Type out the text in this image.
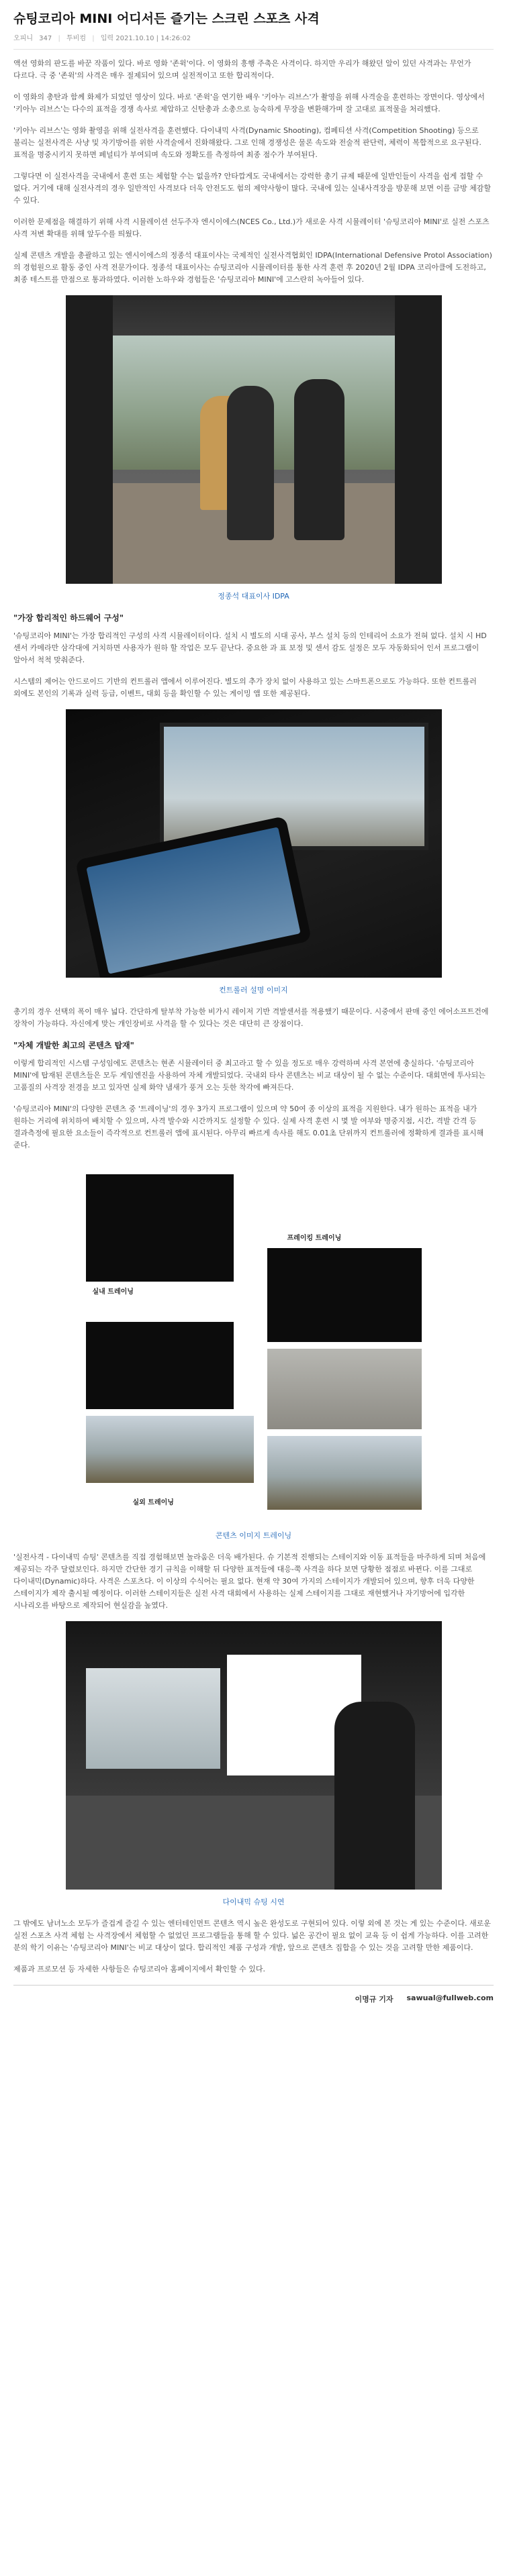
슈팅코리아 MINI 어디서든 즐기는 스크린 스포츠 사격
오피니 347 | 투비컴 | 입력 2021.10.10 | 14:26:02

액션 영화의 판도를 바꾼 작품이 있다. 바로 영화 '존윅'이다. 이 영화의 흥행 주축은 사격이다. 하지만 우리가 해왔던 알이 있던 사격과는 무언가 다르다. 극 중 '존윅'의 사격은 매우 절제되어 있으며 실전적이고 또한 합리적이다.

이 영화의 총탄과 함께 화제가 되었던 영상이 있다. 바로 '존윅'을 연기한 배우 '키아누 리브스'가 촬영을 위해 사격술을 훈련하는 장면이다. 영상에서 '키아누 리브스'는 다수의 표적을 경쟁 속사로 제압하고 신탄총과 소총으로 능숙하게 무장을 변환해가며 잘 고대로 표적물을 처리했다.

'키아누 리브스'는 영화 촬영을 위해 실전사격을 훈련했다. 다이내믹 사격(Dynamic Shooting), 컴페티션 사격(Competition Shooting) 등으로 불리는 실전사격은 사냥 및 자기방어를 위한 사격술에서 진화해왔다. 그로 인해 경쟁성은 물론 속도와 전술적 판단력, 체력이 복합적으로 요구된다. 표적을 명중시키지 못하면 페널티가 부여되며 속도와 정확도를 측정하여 최종 점수가 부여된다.

그렇다면 이 실전사격을 국내에서 훈련 또는 체험할 수는 없을까? 안타깝게도 국내에서는 강력한 총기 규제 때문에 일반인들이 사격을 쉽게 접할 수 없다. 거기에 대해 실전사격의 경우 일반적인 사격보다 더욱 안전도도 험의 제약사항이 많다. 국내에 있는 실내사격장을 방문해 보면 이를 금방 체감할 수 있다.

이러한 문제점을 해결하기 위해 사격 시뮬레이션 선두주자 엔시이에스(NCES Co., Ltd.)가 새로운 사격 시뮬레이터 '슈팅코리아 MINI'로 실전 스포츠 사격 저변 확대를 위해 앞두수를 띄웠다.

실제 콘텐츠 개발을 총괄하고 있는 엔시이에스의 정종석 대표이사는 국제적인 실전사격협회인 IDPA(International Defensive Protol Association)의 경험원으로 활동 중인 사격 전문가이다. 정종석 대표이사는 슈팅코리아 시뮬레이터를 통한 사격 훈련 후 2020년 2월 IDPA 코리아클에 도전하고, 최종 테스트를 만점으로 통과하였다. 이러한 노하우와 경험들은 '슈팅코리아 MINI'에 고스란히 녹아들어 있다.

정종석 대표이사 IDPA
"가장 합리적인 하드웨어 구성"

'슈팅코리아 MINI'는 가장 합리적인 구성의 사격 시뮬레이터이다. 설치 시 별도의 시대 공사, 부스 설치 등의 인테리어 소요가 전혀 없다. 설치 시 HD 센서 카메라만 삼각대에 거치하면 사용자가 원하 할 작업은 모두 끝난다. 중요한 과 표 보정 및 센서 감도 설정은 모두 자동화되어 인서 프로그램이 알아서 척척 맞춰준다.

시스템의 제어는 안드로이드 기반의 컨트롤러 앱에서 이루어진다. 별도의 추가 장치 없이 사용하고 있는 스마트폰으로도 가능하다. 또한 컨트롤러 외에도 본인의 기록과 실력 등급, 이벤트, 대회 등을 확인할 수 있는 게이밍 앱 또한 제공된다.

컨트롤러 설명 이미지

총기의 경우 선택의 폭이 매우 넓다. 간단하게 탈부착 가능한 비가시 레이저 기반 격발센서를 적용했기 때문이다. 시중에서 판매 중인 에어소프트건에 장착이 가능하다. 자신에게 맞는 개인장비로 사격을 할 수 있다는 것은 대단히 큰 장점이다.

"자체 개발한 최고의 콘텐츠 탑재"

이렇게 합리적인 시스템 구성임에도 콘텐츠는 현존 시뮬레이터 중 최고라고 할 수 있을 정도로 매우 강력하며 사격 본연에 충실하다. '슈팅코리아 MINI'에 탑재된 콘텐츠들은 모두 게임엔진을 사용하여 자체 개발되었다. 국내외 타사 콘텐츠는 비교 대상이 될 수 없는 수준이다. 대회면에 투사되는 고품질의 사격장 전경을 보고 있자면 실제 화약 냄새가 풍겨 오는 듯한 착각에 빠져든다.

'슈팅코리아 MINI'의 다양한 콘텐츠 중 '트레이닝'의 경우 3가지 프로그램이 있으며 약 50여 종 이상의 표적을 지원한다. 내가 원하는 표적을 내가 원하는 거리에 위치하여 배치할 수 있으며, 사격 발수와 시간까지도 설정할 수 있다. 실제 사격 훈련 시 몇 발 여부와 명중지점, 시간, 격발 간격 등 결과측정에 필요한 요소들이 즉각적으로 컨트롤러 앱에 표시된다. 아무리 빠르게 속사를 해도 0.01초 단위까지 컨트롤러에 정확하게 결과를 표시해 준다.

실내 트레이닝
프레이킹 트레이닝
실외 트레이닝
콘텐츠 이미지 트레이닝

'실전사격 - 다이내믹 슈팅' 콘텐츠를 직접 경험해보면 놀라움은 더욱 배가된다. 슈 기본적 진행되는 스테이지와 이동 표적들을 마주하게 되며 처음에 제공되는 각주 달렸보인다. 하지만 간단한 경기 규칙을 이해할 뒤 다양한 표적들에 대응-쭉 사격을 하다 보면 당황한 점점로 바뀐다. 이를 그대로 다이내믹(Dynamic)하다. 사격은 스포츠다. 이 이상의 수식어는 필요 없다. 현재 약 30여 가지의 스테이지가 개발되어 있으며, 향후 더욱 다양한 스테이지가 제작 출시될 예정이다. 이러한 스테이지들은 실전 사격 대회에서 사용하는 실제 스테이지를 그대로 재현했거나 자기방어에 입각한 시나리오를 바탕으로 제작되어 현실감을 높였다.

다이내믹 슈팅 시연

그 밖에도 남녀노소 모두가 즐겁게 즐길 수 있는 엔터테인먼트 콘텐츠 역시 높은 완성도로 구현되어 있다. 이렇 외에 본 것는 게 있는 수준이다. 새로운 실전 스포츠 사격 체험 는 사격장에서 체험할 수 없었던 프로그램들을 통해 할 수 있다. 넓은 공간이 필요 없이 교육 등 이 쉽게 가능하다. 이를 고려한 분의 학기 이유는 '슈팅코리아 MINI'는 비교 대상이 없다. 합리적인 제품 구성과 개발, 앞으로 콘텐츠 집합을 수 있는 것을 고려할 만한 제품이다.

제품과 프로모션 등 자세한 사항들은 슈팅코리아 홈페이지에서 확인할 수 있다.

이명규 기자 sawual@fullweb.com
